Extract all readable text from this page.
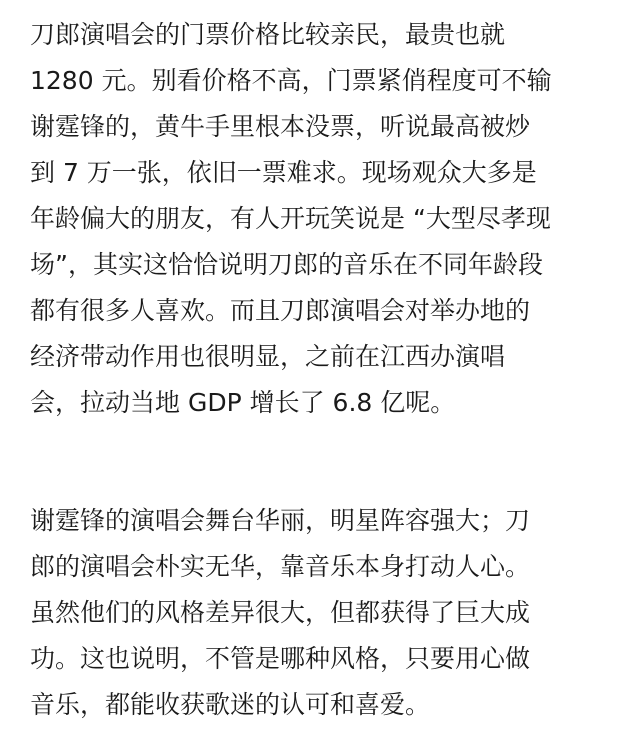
刀郎演唱会的门票价格比较亲民，最贵也就
1280 元。别看价格不高，门票紧俏程度可不输
谢霆锋的，黄牛手里根本没票，听说最高被炒
到 7 万一张，依旧一票难求。现场观众大多是
年龄偏大的朋友，有人开玩笑说是 “大型尽孝现
场”，其实这恰恰说明刀郎的音乐在不同年龄段
都有很多人喜欢。而且刀郎演唱会对举办地的
经济带动作用也很明显，之前在江西办演唱
会，拉动当地 GDP 增长了 6.8 亿呢。
谢霆锋的演唱会舞台华丽，明星阵容强大；刀
郎的演唱会朴实无华，靠音乐本身打动人心。
虽然他们的风格差异很大，但都获得了巨大成
功。这也说明，不管是哪种风格，只要用心做
音乐，都能收获歌迷的认可和喜爱。
